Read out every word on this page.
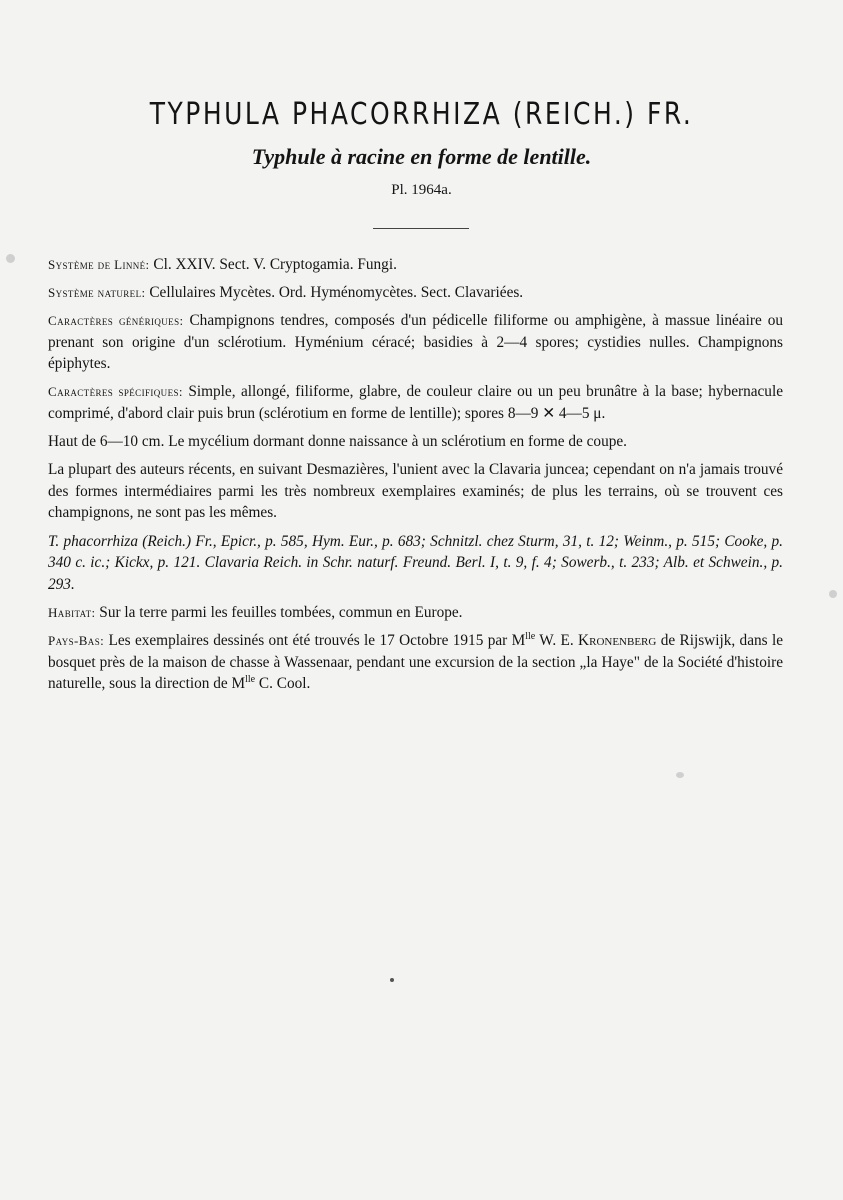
TYPHULA PHACORRHIZA (REICH.) FR.
Typhule à racine en forme de lentille.
Pl. 1964a.

Système de Linné: Cl. XXIV. Sect. V. Cryptogamia. Fungi.

Système naturel: Cellulaires Mycètes. Ord. Hyménomycètes. Sect. Clavariées.

Caractères génériques: Champignons tendres, composés d'un pédicelle filiforme ou amphigène, à massue linéaire ou prenant son origine d'un sclérotium. Hyménium céracé; basidies à 2—4 spores; cystidies nulles. Champignons épiphytes.

Caractères spécifiques: Simple, allongé, filiforme, glabre, de couleur claire ou un peu brunâtre à la base; hybernacule comprimé, d'abord clair puis brun (sclérotium en forme de lentille); spores 8—9 ✕ 4—5 μ.

Haut de 6—10 cm. Le mycélium dormant donne naissance à un sclérotium en forme de coupe.

La plupart des auteurs récents, en suivant Desmazières, l'unient avec la Clavaria juncea; cependant on n'a jamais trouvé des formes intermédiaires parmi les très nombreux exemplaires examinés; de plus les terrains, où se trouvent ces champignons, ne sont pas les mêmes.

T. phacorrhiza (Reich.) Fr., Epicr., p. 585, Hym. Eur., p. 683; Schnitzl. chez Sturm, 31, t. 12; Weinm., p. 515; Cooke, p. 340 c. ic.; Kickx, p. 121. Clavaria Reich. in Schr. naturf. Freund. Berl. I, t. 9, f. 4; Sowerb., t. 233; Alb. et Schwein., p. 293.

Habitat: Sur la terre parmi les feuilles tombées, commun en Europe.

Pays-Bas: Les exemplaires dessinés ont été trouvés le 17 Octobre 1915 par $M^{lle}$ W. E. Kronenberg de Rijswijk, dans le bosquet près de la maison de chasse à Wassenaar, pendant une excursion de la section „la Haye" de la Société d'histoire naturelle, sous la direction de $M^{lle}$ C. Cool.
